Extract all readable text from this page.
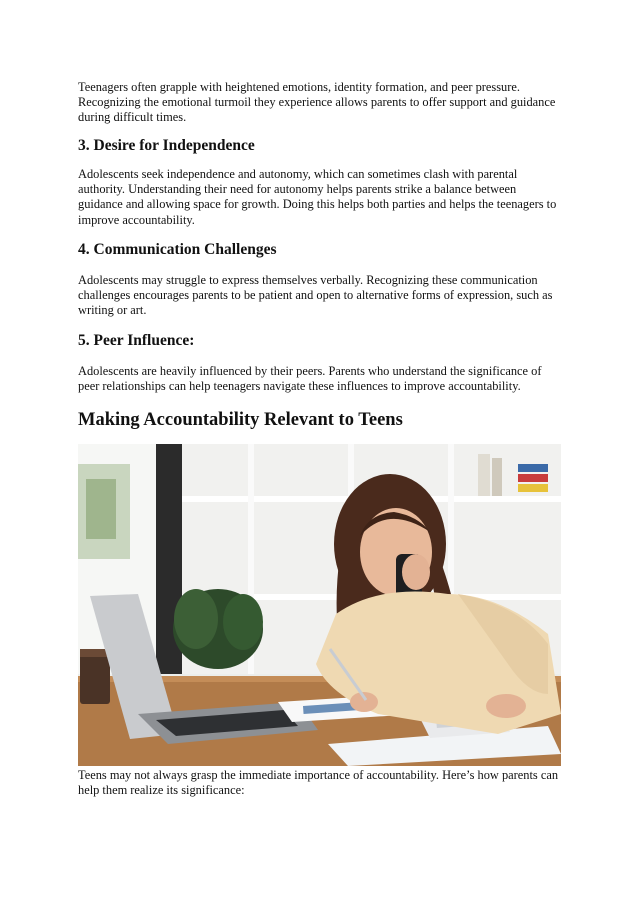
Teenagers often grapple with heightened emotions, identity formation, and peer pressure. Recognizing the emotional turmoil they experience allows parents to offer support and guidance during difficult times.

3. Desire for Independence

Adolescents seek independence and autonomy, which can sometimes clash with parental authority. Understanding their need for autonomy helps parents strike a balance between guidance and allowing space for growth. Doing this helps both parties and helps the teenagers to improve accountability.

4. Communication Challenges

Adolescents may struggle to express themselves verbally. Recognizing these communication challenges encourages parents to be patient and open to alternative forms of expression, such as writing or art.

5. Peer Influence:

Adolescents are heavily influenced by their peers. Parents who understand the significance of peer relationships can help teenagers navigate these influences to improve accountability.

Making Accountability Relevant to Teens

Teens may not always grasp the immediate importance of accountability. Here’s how parents can help them realize its significance:
